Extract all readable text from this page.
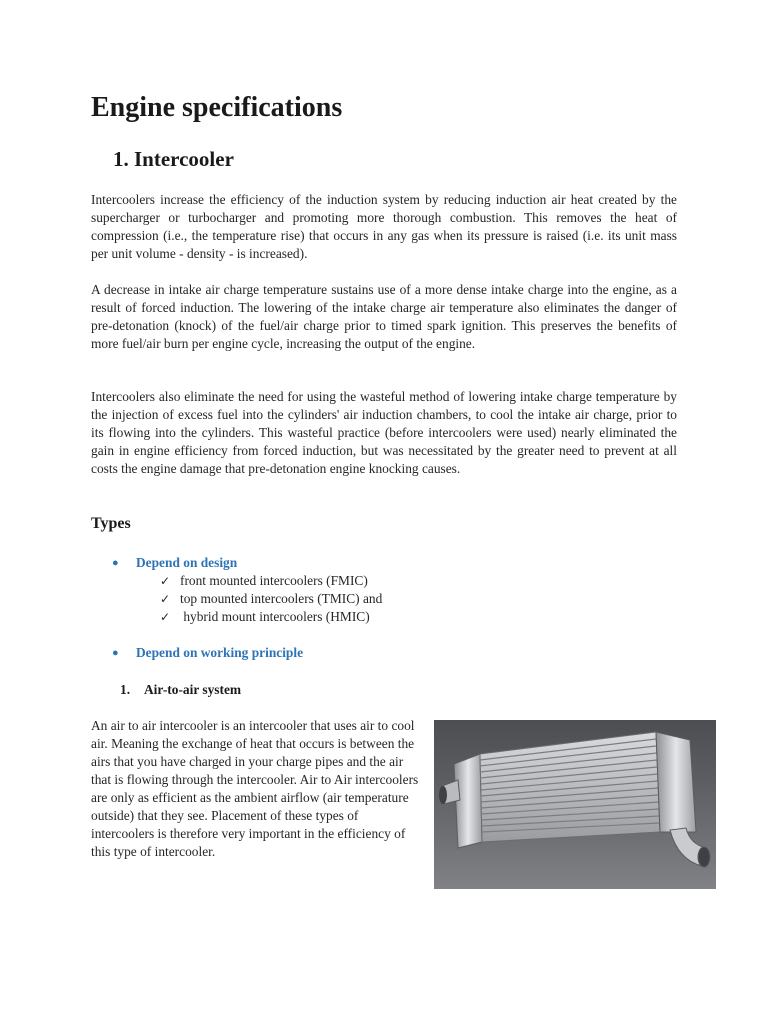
Engine specifications
1. Intercooler

Intercoolers increase the efficiency of the induction system by reducing induction air heat created by the supercharger or turbocharger and promoting more thorough combustion. This removes the heat of compression (i.e., the temperature rise) that occurs in any gas when its pressure is raised (i.e. its unit mass per unit volume - density - is increased).

A decrease in intake air charge temperature sustains use of a more dense intake charge into the engine, as a result of forced induction. The lowering of the intake charge air temperature also eliminates the danger of pre-detonation (knock) of the fuel/air charge prior to timed spark ignition. This preserves the benefits of more fuel/air burn per engine cycle, increasing the output of the engine.

Intercoolers also eliminate the need for using the wasteful method of lowering intake charge temperature by the injection of excess fuel into the cylinders' air induction chambers, to cool the intake air charge, prior to its flowing into the cylinders. This wasteful practice (before intercoolers were used) nearly eliminated the gain in engine efficiency from forced induction, but was necessitated by the greater need to prevent at all costs the engine damage that pre-detonation engine knocking causes.

Types
● Depend on design
✓ front mounted intercoolers (FMIC)
✓ top mounted intercoolers (TMIC) and
✓ hybrid mount intercoolers (HMIC)
● Depend on working principle
1. Air-to-air system

An air to air intercooler is an intercooler that uses air to cool air. Meaning the exchange of heat that occurs is between the airs that you have charged in your charge pipes and the air that is flowing through the intercooler. Air to Air intercoolers are only as efficient as the ambient airflow (air temperature outside) that they see. Placement of these types of intercoolers is therefore very important in the efficiency of this type of intercooler.
